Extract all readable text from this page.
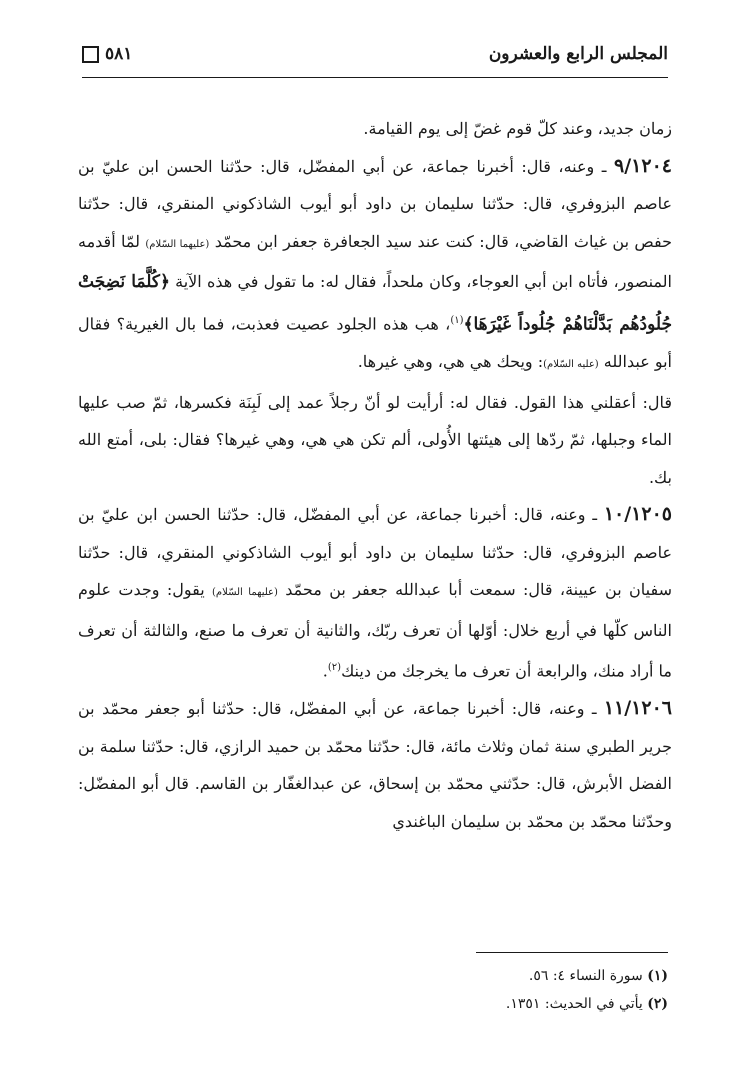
المجلس الرابع والعشرون
٥٨١

زمان جديد، وعند كلّ قوم غضّ إلى يوم القيامة.

٩/١٢٠٤ ـ وعنه، قال: أخبرنا جماعة، عن أبي المفضّل، قال: حدّثنا الحسن ابن عليّ بن عاصم البزوفري، قال: حدّثنا سليمان بن داود أبو أيوب الشاذكوني المنقري، قال: حدّثنا حفص بن غياث القاضي، قال: كنت عند سيد الجعافرة جعفر ابن محمّد (عليهما السّلام) لمّا أقدمه المنصور، فأتاه ابن أبي العوجاء، وكان ملحداً، فقال له: ما تقول في هذه الآية ﴿كُلَّمَا نَضِجَتْ جُلُودُهُم بَدَّلْنَاهُمْ جُلُوداً غَيْرَهَا﴾$^{(١)}$، هب هذه الجلود عصيت فعذبت، فما بال الغيرية؟ فقال أبو عبدالله (عليه السّلام): ويحك هي هي، وهي غيرها.

قال: أعقلني هذا القول. فقال له: أرأيت لو أنّ رجلاً عمد إلى لَبِنَة فكسرها، ثمّ صب عليها الماء وجبلها، ثمّ ردّها إلى هيئتها الأُولى، ألم تكن هي هي، وهي غيرها؟ فقال: بلى، أمتع الله بك.

١٠/١٢٠٥ ـ وعنه، قال: أخبرنا جماعة، عن أبي المفضّل، قال: حدّثنا الحسن ابن عليّ بن عاصم البزوفري، قال: حدّثنا سليمان بن داود أبو أيوب الشاذكوني المنقري، قال: حدّثنا سفيان بن عيينة، قال: سمعت أبا عبدالله جعفر بن محمّد (عليهما السّلام) يقول: وجدت علوم الناس كلّها في أربع خلال: أوّلها أن تعرف ربّك، والثانية أن تعرف ما صنع، والثالثة أن تعرف ما أراد منك، والرابعة أن تعرف ما يخرجك من دينك$^{(٢)}$.

١١/١٢٠٦ ـ وعنه، قال: أخبرنا جماعة، عن أبي المفضّل، قال: حدّثنا أبو جعفر محمّد بن جرير الطبري سنة ثمان وثلاث مائة، قال: حدّثنا محمّد بن حميد الرازي، قال: حدّثنا سلمة بن الفضل الأبرش، قال: حدّثني محمّد بن إسحاق، عن عبدالغفّار بن القاسم. قال أبو المفضّل: وحدّثنا محمّد بن محمّد بن سليمان الباغندي

(١) سورة النساء ٤: ٥٦.
(٢) يأتي في الحديث: ١٣٥١.
